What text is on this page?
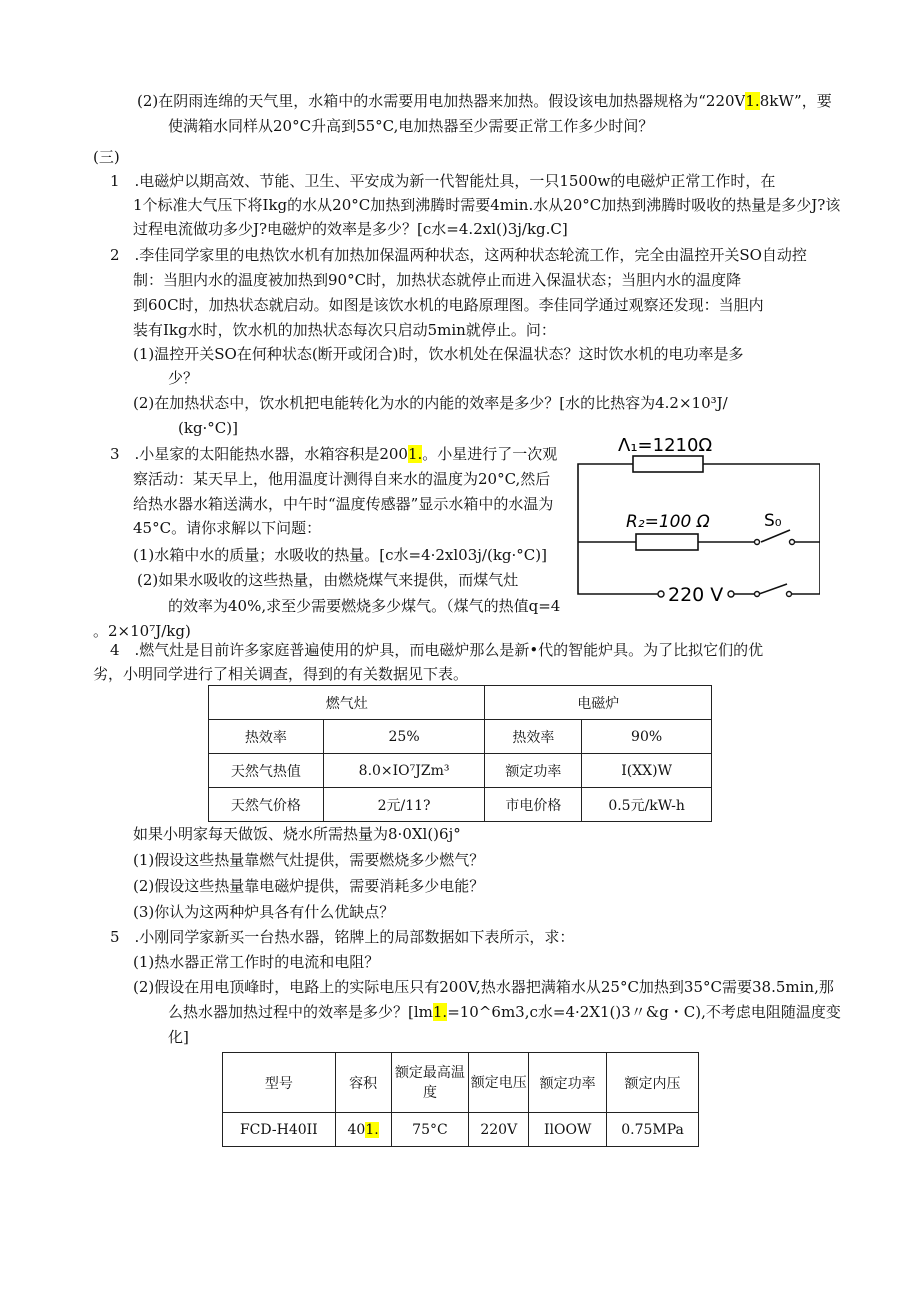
(2)在阴雨连绵的天气里，水箱中的水需要用电加热器来加热。假设该电加热器规格为“220V1.8kW”，要
使满箱水同样从20°C升高到55°C,电加热器至少需要正常工作多少时间？
(三)
1　.电磁炉以期高效、节能、卫生、平安成为新一代智能灶具，一只1500w的电磁炉正常工作时，在
1个标准大气压下将Ikg的水从20°C加热到沸腾时需要4min.水从20°C加热到沸腾时吸收的热量是多少J?该
过程电流做功多少J?电磁炉的效率是多少？[c水=4.2xl()3j/kg.C]
2　.李佳同学家里的电热饮水机有加热加保温两种状态，这两种状态轮流工作，完全由温控开关SO自动控
制：当胆内水的温度被加热到90°C时，加热状态就停止而进入保温状态；当胆内水的温度降
到60C时，加热状态就启动。如图是该饮水机的电路原理图。李佳同学通过观察还发现：当胆内
装有Ikg水时，饮水机的加热状态每次只启动5min就停止。问：
(1)温控开关SO在何种状态(断开或闭合)时，饮水机处在保温状态？这时饮水机的电功率是多
少？
(2)在加热状态中，饮水机把电能转化为水的内能的效率是多少？[水的比热容为4.2×10³J/
(kg·°C)]
3　.小星家的太阳能热水器，水箱容积是2001.。小星进行了一次观
察活动：某天早上，他用温度计测得自来水的温度为20°C,然后
给热水器水箱送满水，中午时“温度传感器”显示水箱中的水温为
45°C。请你求解以下问题：
(1)水箱中水的质量；水吸收的热量。[c水=4·2xl03j/(kg·°C)]
(2)如果水吸收的这些热量，由燃烧煤气来提供，而煤气灶
的效率为40%,求至少需要燃烧多少煤气。（煤气的热值q=4
。2×10⁷J/kg)
Λ₁=1210Ω
R₂=100 Ω	S₀
220 V
4　.燃气灶是目前许多家庭普遍使用的炉具，而电磁炉那么是新•代的智能炉具。为了比拟它们的优
劣，小明同学进行了相关调查，得到的有关数据见下表。
燃气灶		电磁炉	
热效率	25%	热效率	90%
天然气热值	8.0×IO⁷JZm³	额定功率	I(XX)W
天然气价格	2元/11?	市电价格	0.5元/kW-h
如果小明家每天做饭、烧水所需热量为8·0Xl()6j°
(1)假设这些热量靠燃气灶提供，需要燃烧多少燃气？
(2)假设这些热量靠电磁炉提供，需要消耗多少电能？
(3)你认为这两种炉具各有什么优缺点？
5　.小刚同学家新买一台热水器，铭牌上的局部数据如下表所示，求：
(1)热水器正常工作时的电流和电阻？
(2)假设在用电顶峰时，电路上的实际电压只有200V,热水器把满箱水从25°C加热到35°C需要38.5min,那
么热水器加热过程中的效率是多少？[lm1.=10^6m3,c水=4·2X1()3〃&g・C),不考虑电阻随温度变
化]
型号	容积	额定最高温度	额定电压	额定功率	额定内压
FCD-H40II	401.	75°C	220V	IlOOW	0.75MPa
